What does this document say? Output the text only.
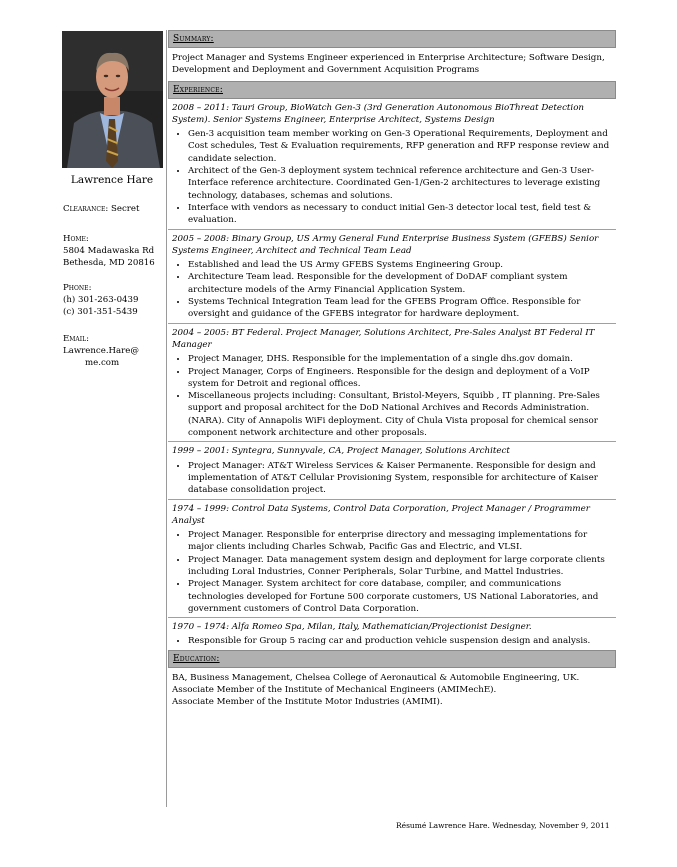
Lawrence Hare
Clearance: Secret
Home:
5804 Madawaska Rd
Bethesda, MD 20816
Phone:
(h) 301-263-0439
(c) 301-351-5439
Email:
Lawrence.Hare@
me.com
Summary:
Project Manager and Systems Engineer experienced in Enterprise Architecture; Software Design, Development and Deployment and Government Acquisition Programs
Experience:
2008 – 2011: Tauri Group, BioWatch Gen-3 (3rd Generation Autonomous BioThreat Detection System). Senior Systems Engineer, Enterprise Architect, Systems Design
• Gen-3 acquisition team member working on Gen-3 Operational Requirements, Deployment and Cost schedules, Test & Evaluation requirements, RFP generation and RFP response review and candidate selection.
• Architect of the Gen-3 deployment system technical reference architecture and Gen-3 User-Interface reference architecture. Coordinated Gen-1/Gen-2 architectures to leverage existing technology, databases, schemas and solutions.
• Interface with vendors as necessary to conduct initial Gen-3 detector local test, field test & evaluation.
2005 – 2008: Binary Group, US Army General Fund Enterprise Business System (GFEBS) Senior Systems Engineer, Architect and Technical Team Lead
• Established and lead the US Army GFEBS Systems Engineering Group.
• Architecture Team lead. Responsible for the development of DoDAF compliant system architecture models of the Army Financial Application System.
• Systems Technical Integration Team lead for the GFEBS Program Office. Responsible for oversight and guidance of the GFEBS integrator for hardware deployment.
2004 – 2005: BT Federal. Project Manager, Solutions Architect, Pre-Sales Analyst BT Federal IT Manager
• Project Manager, DHS. Responsible for the implementation of a single dhs.gov domain.
• Project Manager, Corps of Engineers. Responsible for the design and deployment of a VoIP system for Detroit and regional offices.
• Miscellaneous projects including: Consultant, Bristol-Meyers, Squibb , IT planning. Pre-Sales support and proposal architect for the DoD National Archives and Records Administration. (NARA). City of Annapolis WiFi deployment. City of Chula Vista proposal for chemical sensor component network architecture and other proposals.
1999 – 2001: Syntegra, Sunnyvale, CA, Project Manager, Solutions Architect
• Project Manager: AT&T Wireless Services & Kaiser Permanente. Responsible for design and implementation of AT&T Cellular Provisioning System, responsible for architecture of Kaiser database consolidation project.
1974 – 1999: Control Data Systems, Control Data Corporation, Project Manager / Programmer Analyst
• Project Manager. Responsible for enterprise directory and messaging implementations for major clients including Charles Schwab, Pacific Gas and Electric, and VLSI.
• Project Manager. Data management system design and deployment for large corporate clients including Loral Industries, Conner Peripherals, Solar Turbine, and Mattel Industries.
• Project Manager. System architect for core database, compiler, and communications technologies developed for Fortune 500 corporate customers, US National Laboratories, and government customers of Control Data Corporation.
1970 – 1974: Alfa Romeo Spa, Milan, Italy, Mathematician/Projectionist Designer.
• Responsible for Group 5 racing car and production vehicle suspension design and analysis.
Education:
BA, Business Management, Chelsea College of Aeronautical & Automobile Engineering, UK.
Associate Member of the Institute of Mechanical Engineers (AMIMechE).
Associate Member of the Institute Motor Industries (AMIMI).
Résumé Lawrence Hare. Wednesday, November 9, 2011
